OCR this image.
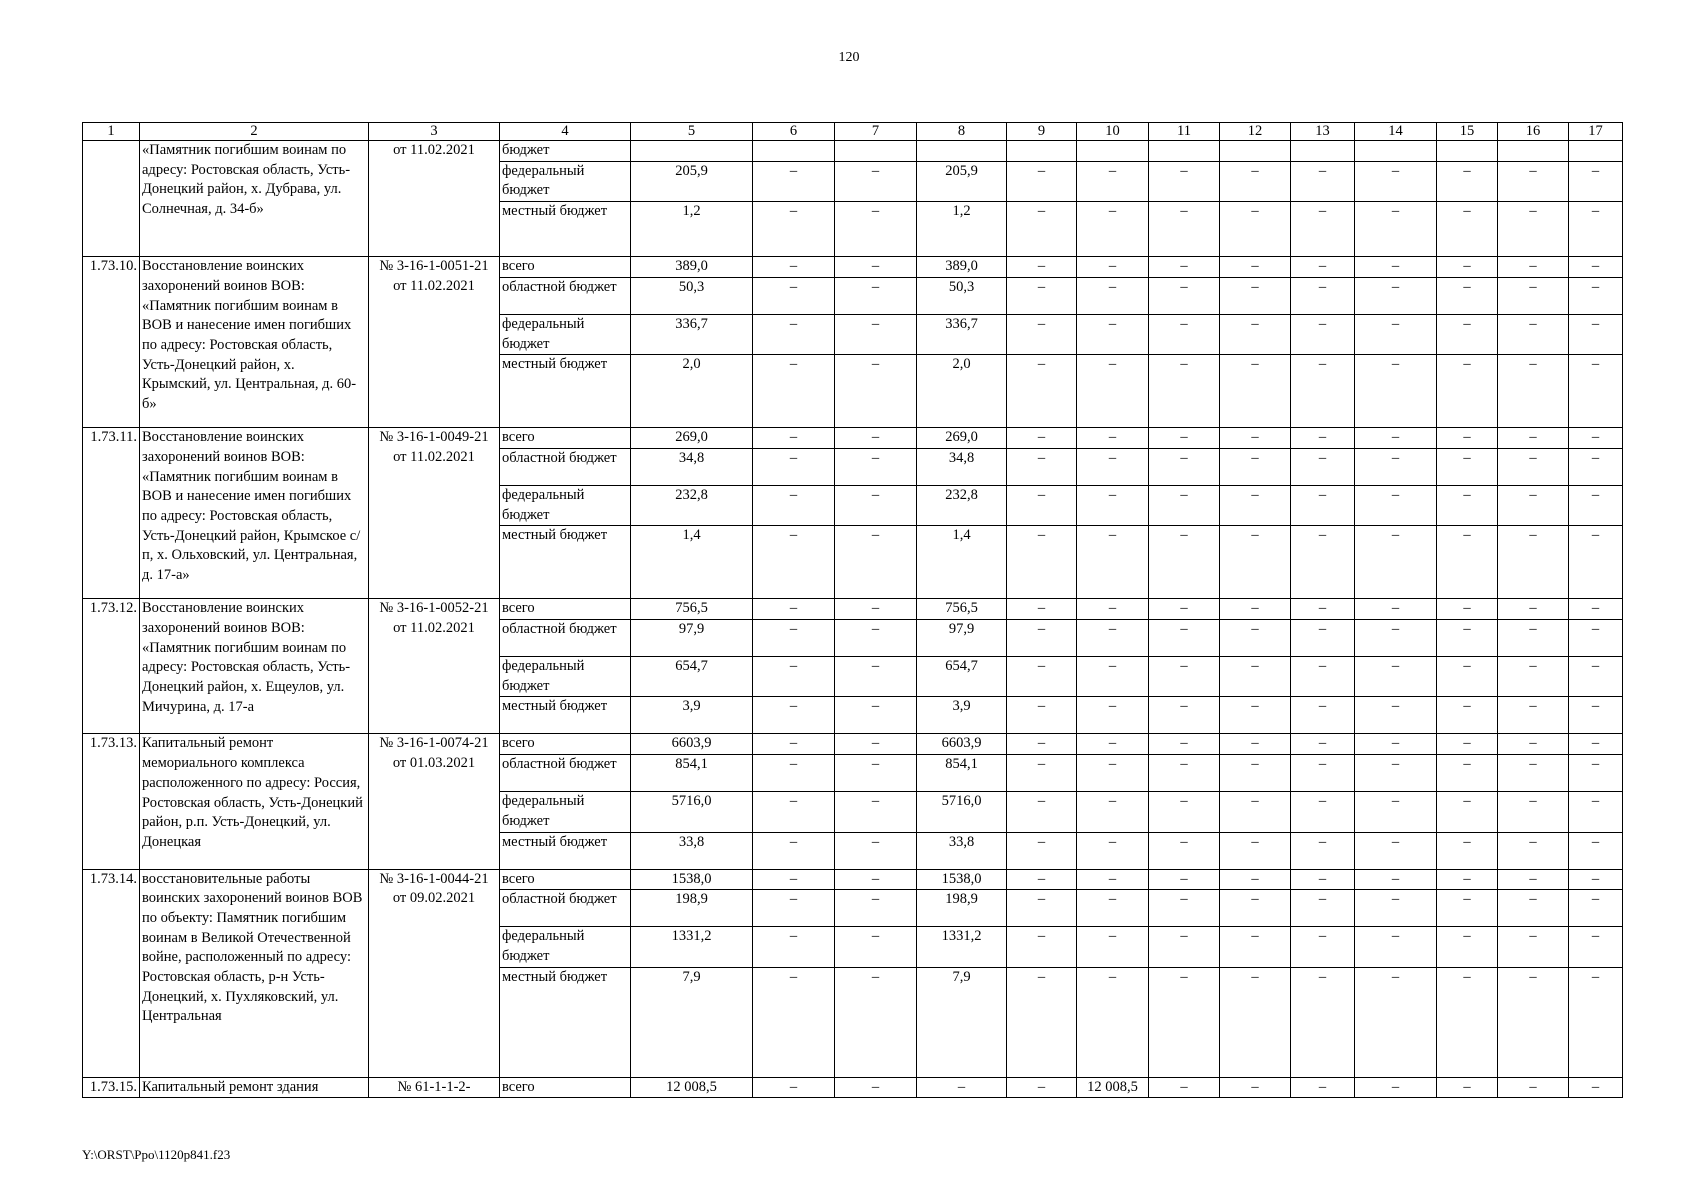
120
1	2	3	4	5	6	7	8	9	10	11	12	13	14	15	16	17
	«Памятник погибшим воинам по адресу: Ростовская область, Усть-Донецкий район, х. Дубрава, ул. Солнечная, д. 34-б»	от 11.02.2021	бюджет													
			федеральный бюджет	205,9	–	–	205,9	–	–	–	–	–	–	–	–	–
			местный бюджет	1,2	–	–	1,2	–	–	–	–	–	–	–	–	–
1.73.10.	Восстановление воинских захоронений воинов ВОВ: «Памятник погибшим воинам в ВОВ и нанесение имен погибших по адресу: Ростовская область, Усть-Донецкий район, х. Крымский, ул. Центральная, д. 60-б»	№ 3-16-1-0051-21 от 11.02.2021	всего	389,0	–	–	389,0	–	–	–	–	–	–	–	–	–
			областной бюджет	50,3	–	–	50,3	–	–	–	–	–	–	–	–	–
			федеральный бюджет	336,7	–	–	336,7	–	–	–	–	–	–	–	–	–
			местный бюджет	2,0	–	–	2,0	–	–	–	–	–	–	–	–	–
1.73.11.	Восстановление воинских захоронений воинов ВОВ: «Памятник погибшим воинам в ВОВ и нанесение имен погибших по адресу: Ростовская область, Усть-Донецкий район, Крымское с/п, х. Ольховский, ул. Центральная, д. 17-а»	№ 3-16-1-0049-21 от 11.02.2021	всего	269,0	–	–	269,0	–	–	–	–	–	–	–	–	–
			областной бюджет	34,8	–	–	34,8	–	–	–	–	–	–	–	–	–
			федеральный бюджет	232,8	–	–	232,8	–	–	–	–	–	–	–	–	–
			местный бюджет	1,4	–	–	1,4	–	–	–	–	–	–	–	–	–
1.73.12.	Восстановление воинских захоронений воинов ВОВ: «Памятник погибшим воинам по адресу: Ростовская область, Усть-Донецкий район, х. Ещеулов, ул. Мичурина, д. 17-а	№ 3-16-1-0052-21 от 11.02.2021	всего	756,5	–	–	756,5	–	–	–	–	–	–	–	–	–
			областной бюджет	97,9	–	–	97,9	–	–	–	–	–	–	–	–	–
			федеральный бюджет	654,7	–	–	654,7	–	–	–	–	–	–	–	–	–
			местный бюджет	3,9	–	–	3,9	–	–	–	–	–	–	–	–	–
1.73.13.	Капитальный ремонт мемориального комплекса расположенного по адресу: Россия, Ростовская область, Усть-Донецкий район, р.п. Усть-Донецкий, ул. Донецкая	№ 3-16-1-0074-21 от 01.03.2021	всего	6603,9	–	–	6603,9	–	–	–	–	–	–	–	–	–
			областной бюджет	854,1	–	–	854,1	–	–	–	–	–	–	–	–	–
			федеральный бюджет	5716,0	–	–	5716,0	–	–	–	–	–	–	–	–	–
			местный бюджет	33,8	–	–	33,8	–	–	–	–	–	–	–	–	–
1.73.14.	восстановительные работы воинских захоронений воинов ВОВ по объекту: Памятник погибшим воинам в Великой Отечественной войне, расположенный по адресу: Ростовская область, р-н Усть-Донецкий, х. Пухляковский, ул. Центральная	№ 3-16-1-0044-21 от 09.02.2021	всего	1538,0	–	–	1538,0	–	–	–	–	–	–	–	–	–
			областной бюджет	198,9	–	–	198,9	–	–	–	–	–	–	–	–	–
			федеральный бюджет	1331,2	–	–	1331,2	–	–	–	–	–	–	–	–	–
			местный бюджет	7,9	–	–	7,9	–	–	–	–	–	–	–	–	–
1.73.15.	Капитальный ремонт здания	№ 61-1-1-2-	всего	12 008,5	–	–	–	–	12 008,5	–	–	–	–	–	–	–
Y:\ORST\Ppo\1120p841.f23
